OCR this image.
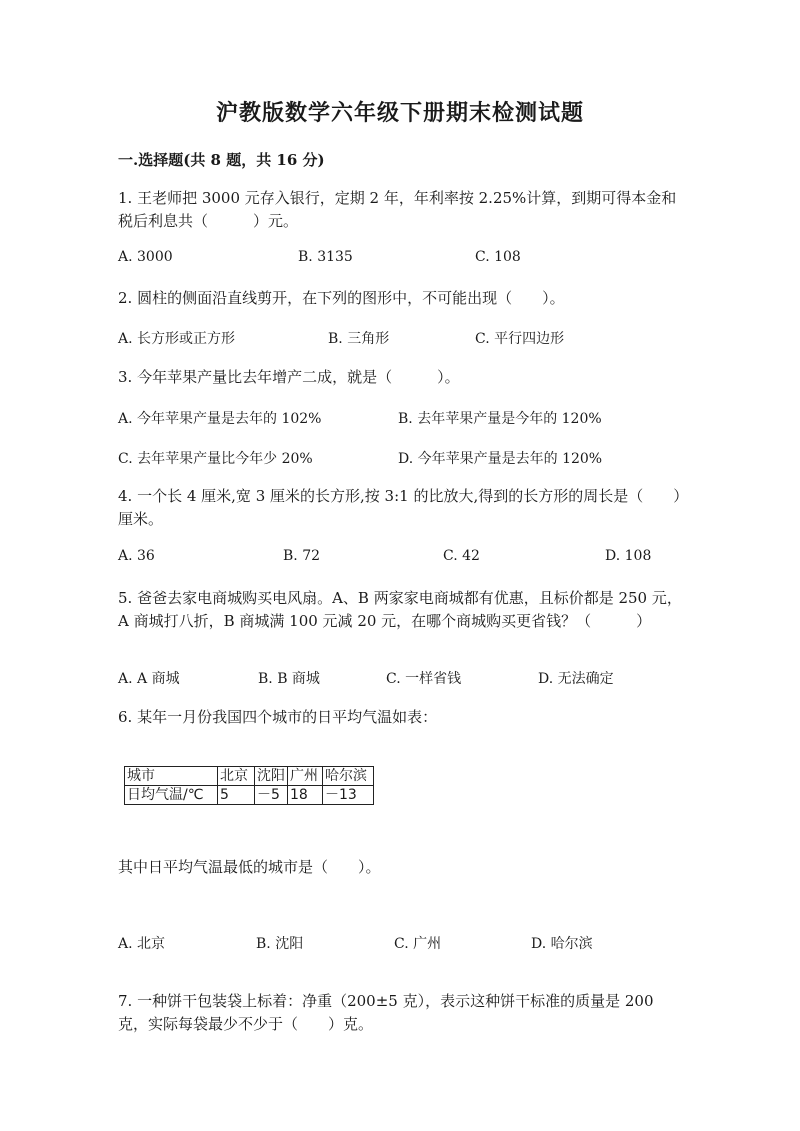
沪教版数学六年级下册期末检测试题
一.选择题(共 8 题，共 16 分)
1. 王老师把 3000 元存入银行，定期 2 年，年利率按 2.25%计算，到期可得本金和税后利息共（　　　）元。
A. 3000	B. 3135	C. 108
2. 圆柱的侧面沿直线剪开，在下列的图形中，不可能出现（　　）。
A. 长方形或正方形	B. 三角形	C. 平行四边形
3. 今年苹果产量比去年增产二成，就是（　　　）。
A. 今年苹果产量是去年的 102%	B. 去年苹果产量是今年的 120%
C. 去年苹果产量比今年少 20%	D. 今年苹果产量是去年的 120%
4. 一个长 4 厘米,宽 3 厘米的长方形,按 3:1 的比放大,得到的长方形的周长是（　　）厘米。
A. 36	B. 72	C. 42	D. 108
5. 爸爸去家电商城购买电风扇。A、B 两家家电商城都有优惠，且标价都是 250 元，A 商城打八折，B 商城满 100 元减 20 元，在哪个商城购买更省钱？（　　　）
A. A 商城	B. B 商城	C. 一样省钱	D. 无法确定
6. 某年一月份我国四个城市的日平均气温如表：
城市	北京	沈阳	广州	哈尔滨
日均气温/℃	5	－5	18	－13
其中日平均气温最低的城市是（　　）。
A. 北京	B. 沈阳	C. 广州	D. 哈尔滨
7. 一种饼干包装袋上标着：净重（200±5 克），表示这种饼干标准的质量是 200 克，实际每袋最少不少于（　　）克。
